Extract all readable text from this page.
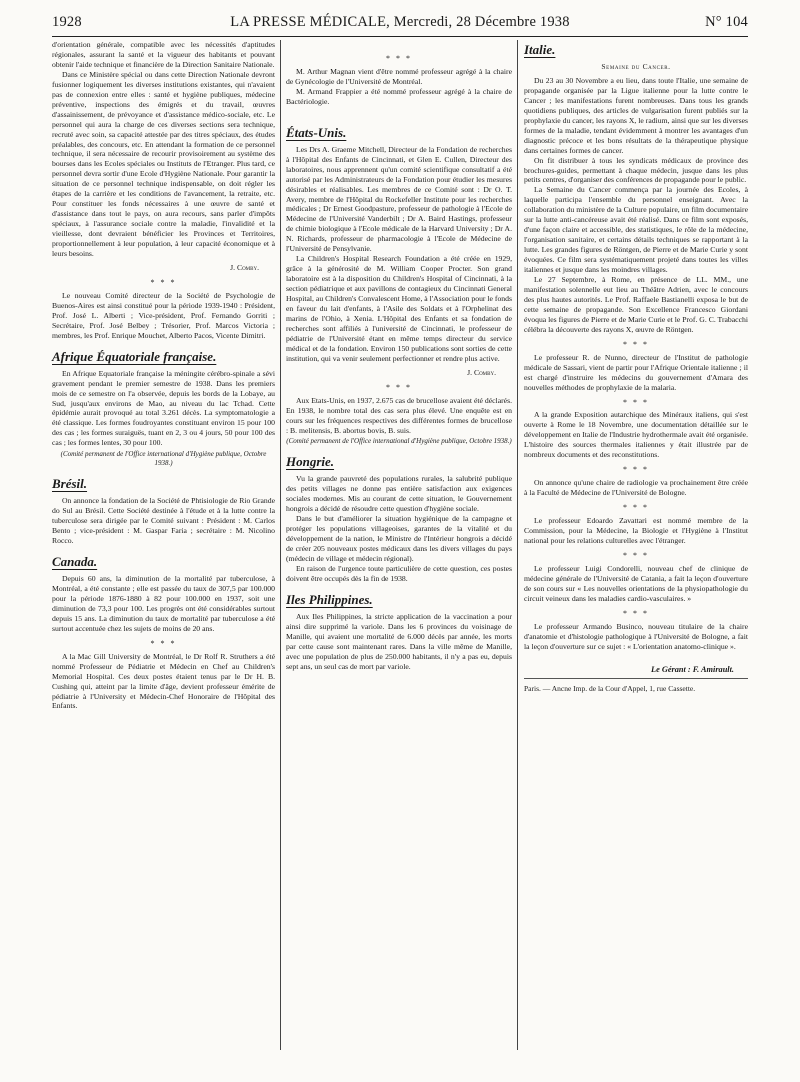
1928	LA PRESSE MÉDICALE, Mercredi, 28 Décembre 1938	N° 104

d'orientation générale, compatible avec les nécessités d'aptitudes régionales, assurant la santé et la vigueur des habitants et pouvant obtenir l'aide technique et financière de la Direction Sanitaire Nationale.

Dans ce Ministère spécial ou dans cette Direction Nationale devront fusionner logiquement les diverses institutions existantes, qui n'avaient pas de connexion entre elles : santé et hygiène publiques, médecine préventive, inspections des émigrés et du travail, œuvres d'assainissement, de prévoyance et d'assistance médico-sociale, etc. Le personnel qui aura la charge de ces diverses sections sera technique, recruté avec soin, sa capacité attestée par des titres spéciaux, des études préalables, des concours, etc. En attendant la formation de ce personnel technique, il sera nécessaire de recourir provisoirement au système des bourses dans les Ecoles spéciales ou Instituts de l'Etranger. Plus tard, ce personnel devra sortir d'une Ecole d'Hygiène Nationale. Pour garantir la situation de ce personnel technique indispensable, on doit régler les étapes de la carrière et les conditions de l'avancement, la retraite, etc. Pour constituer les fonds nécessaires à une œuvre de santé et d'assistance dans tout le pays, on aura recours, sans parler d'impôts spéciaux, à l'assurance sociale contre la maladie, l'invalidité et la vieillesse, dont devraient bénéficier les Provinces et Territoires, proportionnellement à leur population, à leur capacité économique et à leurs besoins.

J. Comby.

* * *

Le nouveau Comité directeur de la Société de Psychologie de Buenos-Aires est ainsi constitué pour la période 1939-1940 : Président, Prof. José L. Alberti ; Vice-président, Prof. Fernando Gorriti ; Secrétaire, Prof. José Belbey ; Trésorier, Prof. Marcos Victoria ; membres, les Prof. Enrique Mouchet, Alberto Pacos, Vicente Dimitri.

Afrique Équatoriale française.

En Afrique Equatoriale française la méningite cérébro-spinale a sévi gravement pendant le premier semestre de 1938. Dans les premiers mois de ce semestre on l'a observée, depuis les bords de la Lobaye, au Sud, jusqu'aux environs de Mao, au niveau du lac Tchad. Cette épidémie aurait provoqué au total 3.261 décès. La symptomatologie a été classique. Les formes foudroyantes constituant environ 15 pour 100 des cas ; les formes suraiguës, tuant en 2, 3 ou 4 jours, 50 pour 100 des cas ; les formes lentes, 30 pour 100.

(Comité permanent de l'Office international d'Hygiène publique, Octobre 1938.)

Brésil.

On annonce la fondation de la Société de Phtisiologie de Rio Grande do Sul au Brésil. Cette Société destinée à l'étude et à la lutte contre la tuberculose sera dirigée par le Comité suivant : Président : M. Carlos Bento ; vice-président : M. Gaspar Faria ; secrétaire : M. Nicolino Rocco.

Canada.

Depuis 60 ans, la diminution de la mortalité par tuberculose, à Montréal, a été constante ; elle est passée du taux de 307,5 par 100.000 pour la période 1876-1880 à 82 pour 100.000 en 1937, soit une diminution de 73,3 pour 100. Les progrès ont été considérables surtout depuis 15 ans. La diminution du taux de mortalité par tuberculose a été surtout accentuée chez les sujets de moins de 20 ans.

* * *

A la Mac Gill University de Montréal, le Dr Rolf R. Struthers a été nommé Professeur de Pédiatrie et Médecin en Chef au Children's Memorial Hospital. Ces deux postes étaient tenus par le Dr H. B. Cushing qui, atteint par la limite d'âge, devient professeur émérite de pédiatrie à l'University et Médecin-Chef Honoraire de l'Hôpital des Enfants.

* * *

M. Arthur Magnan vient d'être nommé professeur agrégé à la chaire de Gynécologie de l'Université de Montréal.

M. Armand Frappier a été nommé professeur agrégé à la chaire de Bactériologie.

États-Unis.

Les Drs A. Graeme Mitchell, Directeur de la Fondation de recherches à l'Hôpital des Enfants de Cincinnati, et Glen E. Cullen, Directeur des laboratoires, nous apprennent qu'un comité scientifique consultatif a été autorisé par les Administrateurs de la Fondation pour étudier les mesures désirables et réalisables. Les membres de ce Comité sont : Dr O. T. Avery, membre de l'Hôpital du Rockefeller Institute pour les recherches médicales ; Dr Ernest Goodpasture, professeur de pathologie à l'Ecole de Médecine de l'Université Vanderbilt ; Dr A. Baird Hastings, professeur de chimie biologique à l'Ecole médicale de la Harvard University ; Dr A. N. Richards, professeur de pharmacologie à l'Ecole de Médecine de l'Université de Pensylvanie.

La Children's Hospital Research Foundation a été créée en 1929, grâce à la générosité de M. William Cooper Procter. Son grand laboratoire est à la disposition du Children's Hospital of Cincinnati, à la section pédiatrique et aux pavillons de contagieux du Cincinnati General Hospital, au Children's Convalescent Home, à l'Association pour le fonds en faveur du lait d'enfants, à l'Asile des Soldats et à l'Orphelinat des marins de l'Ohio, à Xenia. L'Hôpital des Enfants et sa fondation de recherches sont affiliés à l'université de Cincinnati, le professeur de pédiatrie de l'Université étant en même temps directeur du service médical et de la fondation. Environ 150 publications sont sorties de cette institution, qui va venir seulement perfectionner et rendre plus active.

J. Comby.

* * *

Aux Etats-Unis, en 1937, 2.675 cas de brucellose avaient été déclarés. En 1938, le nombre total des cas sera plus élevé. Une enquête est en cours sur les fréquences respectives des différentes formes de brucellose : B. melitensis, B. abortus bovis, B. suis.

(Comité permanent de l'Office international d'Hygiène publique, Octobre 1938.)

Hongrie.

Vu la grande pauvreté des populations rurales, la salubrité publique des petits villages ne donne pas entière satisfaction aux exigences sociales modernes. Mis au courant de cette situation, le Gouvernement hongrois a décidé de résoudre cette question d'hygiène sociale.

Dans le but d'améliorer la situation hygiénique de la campagne et protéger les populations villageoises, garantes de la vitalité et du développement de la nation, le Ministre de l'Intérieur hongrois a décidé de créer 205 nouveaux postes médicaux dans les divers villages du pays (médecin de village et médecin régional).

En raison de l'urgence toute particulière de cette question, ces postes doivent être occupés dès la fin de 1938.

Iles Philippines.

Aux Iles Philippines, la stricte application de la vaccination a pour ainsi dire supprimé la variole. Dans les 6 provinces du voisinage de Manille, qui avaient une mortalité de 6.000 décès par année, les morts par cette cause sont maintenant rares. Dans la ville même de Manille, avec une population de plus de 250.000 habitants, il n'y a pas eu, depuis sept ans, un seul cas de mort par variole.

Italie.

Semaine du Cancer.

Du 23 au 30 Novembre a eu lieu, dans toute l'Italie, une semaine de propagande organisée par la Ligue italienne pour la lutte contre le Cancer ; les manifestations furent nombreuses. Dans tous les grands quotidiens publiques, des articles de vulgarisation furent publiés sur la prophylaxie du cancer, les rayons X, le radium, ainsi que sur les diverses formes de la maladie, tendant évidemment à montrer les avantages d'un diagnostic précoce et les bons résultats de la thérapeutique physique dans certaines formes de cancer.

On fit distribuer à tous les syndicats médicaux de province des brochures-guides, permettant à chaque médecin, jusque dans les plus petits centres, d'organiser des conférences de propagande pour le public.

La Semaine du Cancer commença par la journée des Ecoles, à laquelle participa l'ensemble du personnel enseignant. Avec la collaboration du ministère de la Culture populaire, un film documentaire sur la lutte anti-cancéreuse avait été réalisé. Dans ce film sont exposés, d'une façon claire et accessible, des statistiques, le rôle de la médecine, l'organisation sanitaire, et certains détails techniques se rapportant à la lutte. Les grandes figures de Röntgen, de Pierre et de Marie Curie y sont évoquées. Ce film sera systématiquement projeté dans toutes les villes italiennes et jusque dans les moindres villages.

Le 27 Septembre, à Rome, en présence de LL. MM., une manifestation solennelle eut lieu au Théâtre Adrien, avec le concours des plus hautes autorités. Le Prof. Raffaele Bastianelli exposa le but de cette semaine de propagande. Son Excellence Francesco Giordani évoqua les figures de Pierre et de Marie Curie et le Prof. G. C. Trabacchi célébra la découverte des rayons X, œuvre de Röntgen.

* * *

Le professeur R. de Nunno, directeur de l'Institut de pathologie médicale de Sassari, vient de partir pour l'Afrique Orientale italienne ; il est chargé d'instruire les médecins du gouvernement d'Amara des nouvelles méthodes de prophylaxie de la malaria.

* * *

A la grande Exposition autarchique des Minéraux italiens, qui s'est ouverte à Rome le 18 Novembre, une documentation détaillée sur le développement en Italie de l'Industrie hydrothermale avait été organisée. L'histoire des sources thermales italiennes y était illustrée par de nombreux documents et des reconstitutions.

* * *

On annonce qu'une chaire de radiologie va prochainement être créée à la Faculté de Médecine de l'Université de Bologne.

* * *

Le professeur Edoardo Zavattari est nommé membre de la Commission, pour la Médecine, la Biologie et l'Hygiène à l'Institut national pour les relations culturelles avec l'étranger.

* * *

Le professeur Luigi Condorelli, nouveau chef de clinique de médecine générale de l'Université de Catania, a fait la leçon d'ouverture de son cours sur « Les nouvelles orientations de la physiopathologie du circuit veineux dans les maladies cardio-vasculaires. »

* * *

Le professeur Armando Businco, nouveau titulaire de la chaire d'anatomie et d'histologie pathologique à l'Université de Bologne, a fait la leçon d'ouverture sur ce sujet : « L'orientation anatomo-clinique ».

Le Gérant : F. Amirault.

Paris. — Ancne Imp. de la Cour d'Appel, 1, rue Cassette.
